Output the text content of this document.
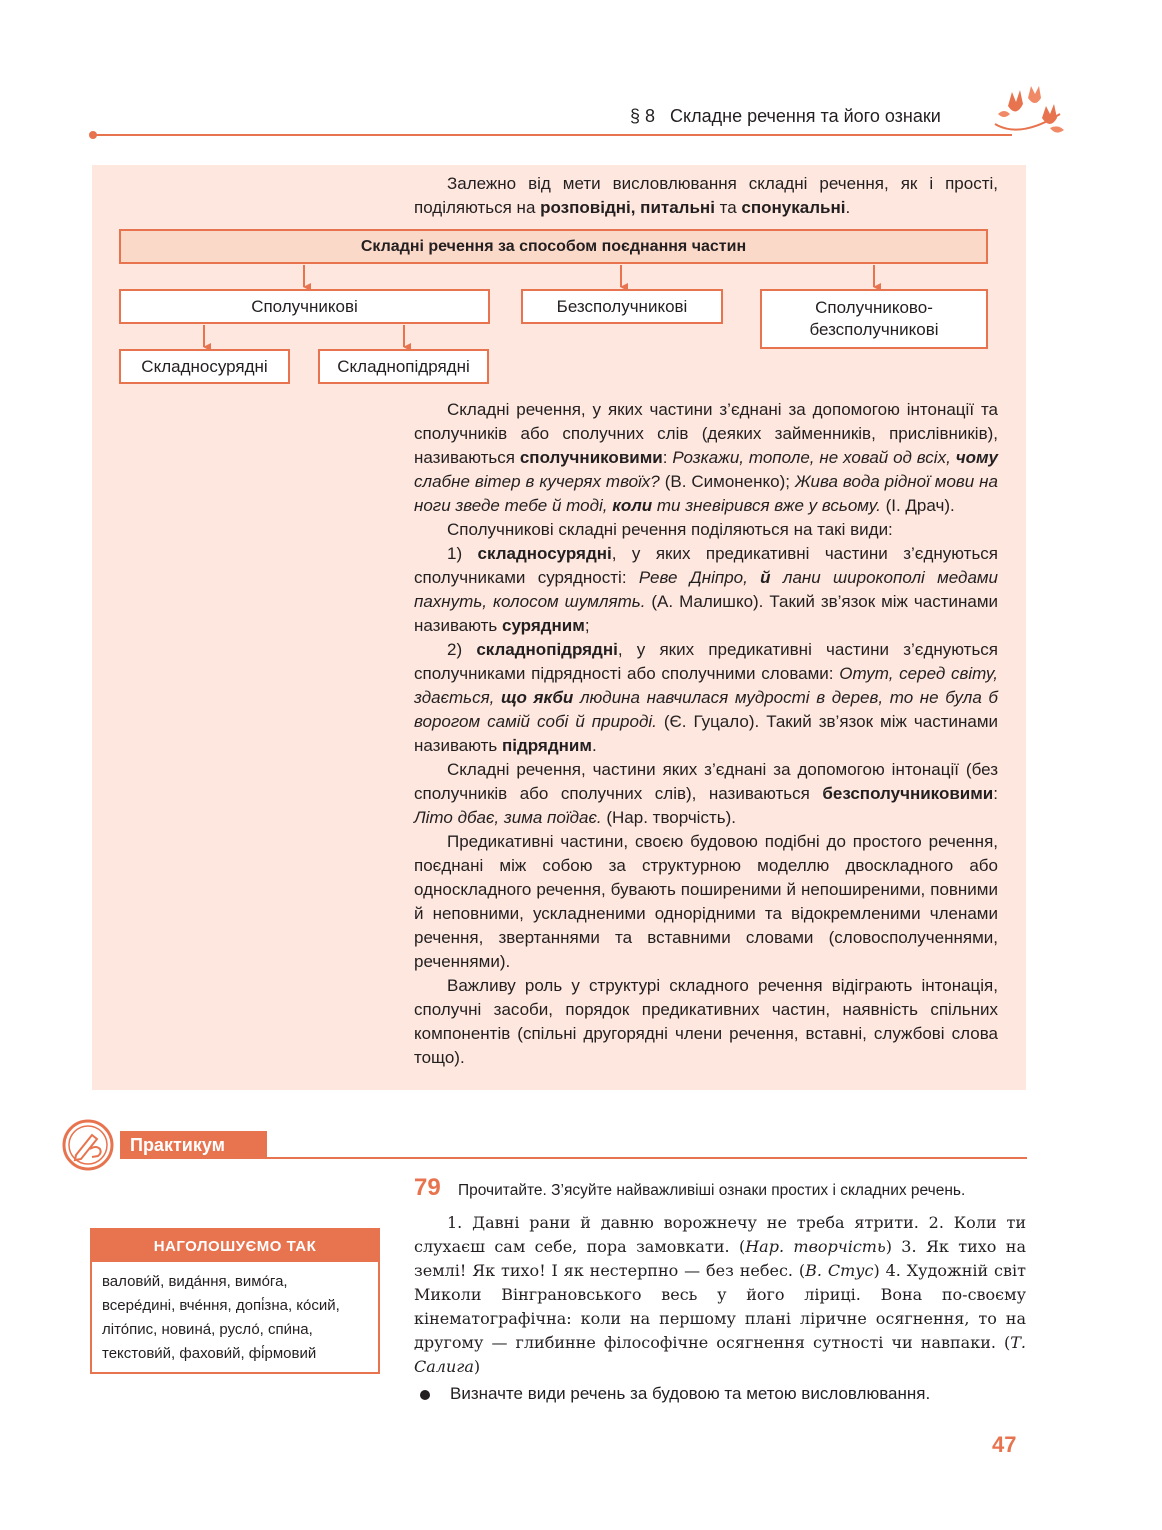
§ 8 Складне речення та його ознаки

Залежно від мети висловлювання складні речення, як і прості, поділяються на розповідні, питальні та спонукальні.

Складні речення за способом поєднання частин
Сполучникові	Безсполучникові	Сполучниково-
безсполучникові
Складносурядні	Складнопідрядні

Складні речення, у яких частини з’єднані за допомогою інтонації та сполучників або сполучних слів (деяких займенників, прислівників), називаються сполучниковими: Розкажи, тополе, не ховай од всіх, чому слабне вітер в кучерях твоїх? (В. Симоненко); Жива вода рідної мови на ноги зведе тебе й тоді, коли ти зневірився вже у всьому. (І. Драч).

Сполучникові складні речення поділяються на такі види:

1) складносурядні, у яких предикативні частини з’єднуються сполучниками сурядності: Реве Дніпро, й лани широкополі медами пахнуть, колосом шумлять. (А. Малишко). Такий зв’язок між частинами називають сурядним;

2) складнопідрядні, у яких предикативні частини з’єднуються сполучниками підрядності або сполучними словами: Отут, серед світу, здається, що якби людина навчилася мудрості в дерев, то не була б ворогом самій собі й природі. (Є. Гуцало). Такий зв’язок між частинами називають підрядним.

Складні речення, частини яких з’єднані за допомогою інтонації (без сполучників або сполучних слів), називаються безсполучниковими: Літо дбає, зима поїдає. (Нар. творчість).

Предикативні частини, своєю будовою подібні до простого речення, поєднані між собою за структурною моделлю двоскладного або односкладного речення, бувають поширеними й непоширеними, повними й неповними, ускладненими однорідними та відокремленими членами речення, звертаннями та вставними словами (словосполученнями, реченнями).

Важливу роль у структурі складного речення відіграють інтонація, сполучні засоби, порядок предикативних частин, наявність спільних компонентів (спільні другорядні члени речення, вставні, службові слова тощо).

Практикум
НАГОЛОШУЄМО ТАК
валови́й, вида́ння, вимо́га, всере́дині, вче́ння, допі́зна, ко́сий, літо́пис, новина́, русло́, спи́на, текстови́й, фахови́й, фі́рмовий
79 Прочитайте. З’ясуйте найважливіші ознаки простих і складних речень.

1. Давні рани й давню ворожнечу не треба ятрити. 2. Коли ти слухаєш сам себе, пора замовкати. (Нар. творчість) 3. Як тихо на землі! Як тихо! І як нестерпно — без небес. (В. Стус) 4. Художній світ Миколи Вінграновського весь у його ліриці. Вона по-своєму кінематографічна: коли на першому плані ліричне осягнення, то на другому — глибинне філософічне осягнення сутності чи навпаки. (Т. Салига)

Визначте види речень за будовою та метою висловлювання.
47
